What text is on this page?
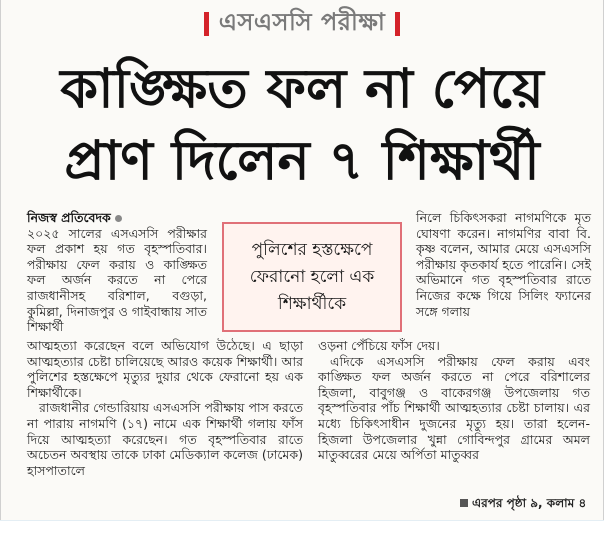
এসএসসি পরীক্ষা
কাঙ্ক্ষিত ফল না পেয়ে
প্রাণ দিলেন ৭ শিক্ষার্থী
নিজস্ব প্রতিবেদক
২০২৫ সালের এসএসসি পরীক্ষার ফল প্রকাশ হয় গত বৃহস্পতিবার। পরীক্ষায় ফেল করায় ও কাঙ্ক্ষিত ফল অর্জন করতে না পেরে রাজধানীসহ বরিশাল, বগুড়া, কুমিল্লা, দিনাজপুর ও গাইবান্ধায় সাত শিক্ষার্থী
পুলিশের হস্তক্ষেপে ফেরানো হলো এক শিক্ষার্থীকে
নিলে চিকিৎসকরা নাগমণিকে মৃত ঘোষণা করেন। নাগমণির বাবা বি. কৃষ্ণ বলেন, আমার মেয়ে এসএসসি পরীক্ষায় কৃতকার্য হতে পারেনি। সেই অভিমানে গত বৃহস্পতিবার রাতে নিজের কক্ষে গিয়ে সিলিং ফ্যানের সঙ্গে গলায়

আত্মহত্যা করেছেন বলে অভিযোগ উঠেছে। এ ছাড়া আত্মহত্যার চেষ্টা চালিয়েছে আরও কয়েক শিক্ষার্থী। আর পুলিশের হস্তক্ষেপে মৃত্যুর দুয়ার থেকে ফেরানো হয় এক শিক্ষার্থীকে।

রাজধানীর গেন্ডারিয়ায় এসএসসি পরীক্ষায় পাস করতে না পারায় নাগমণি (১৭) নামে এক শিক্ষার্থী গলায় ফাঁস দিয়ে আত্মহত্যা করেছেন। গত বৃহস্পতিবার রাতে অচেতন অবস্থায় তাকে ঢাকা মেডিক্যাল কলেজ (ঢামেক) হাসপাতালে

ওড়না পেঁচিয়ে ফাঁস দেয়।

এদিকে এসএসসি পরীক্ষায় ফেল করায় এবং কাঙ্ক্ষিত ফল অর্জন করতে না পেরে বরিশালের হিজলা, বাবুগঞ্জ ও বাকেরগঞ্জ উপজেলায় গত বৃহস্পতিবার পাঁচ শিক্ষার্থী আত্মহত্যার চেষ্টা চালায়। এর মধ্যে চিকিৎসাধীন দুজনের মৃত্যু হয়। তারা হলেন- হিজলা উপজেলার খুন্না গোবিন্দপুর গ্রামের অমল মাতুব্বরের মেয়ে অর্পিতা মাতুব্বর

এরপর পৃষ্ঠা ৯, কলাম ৪
